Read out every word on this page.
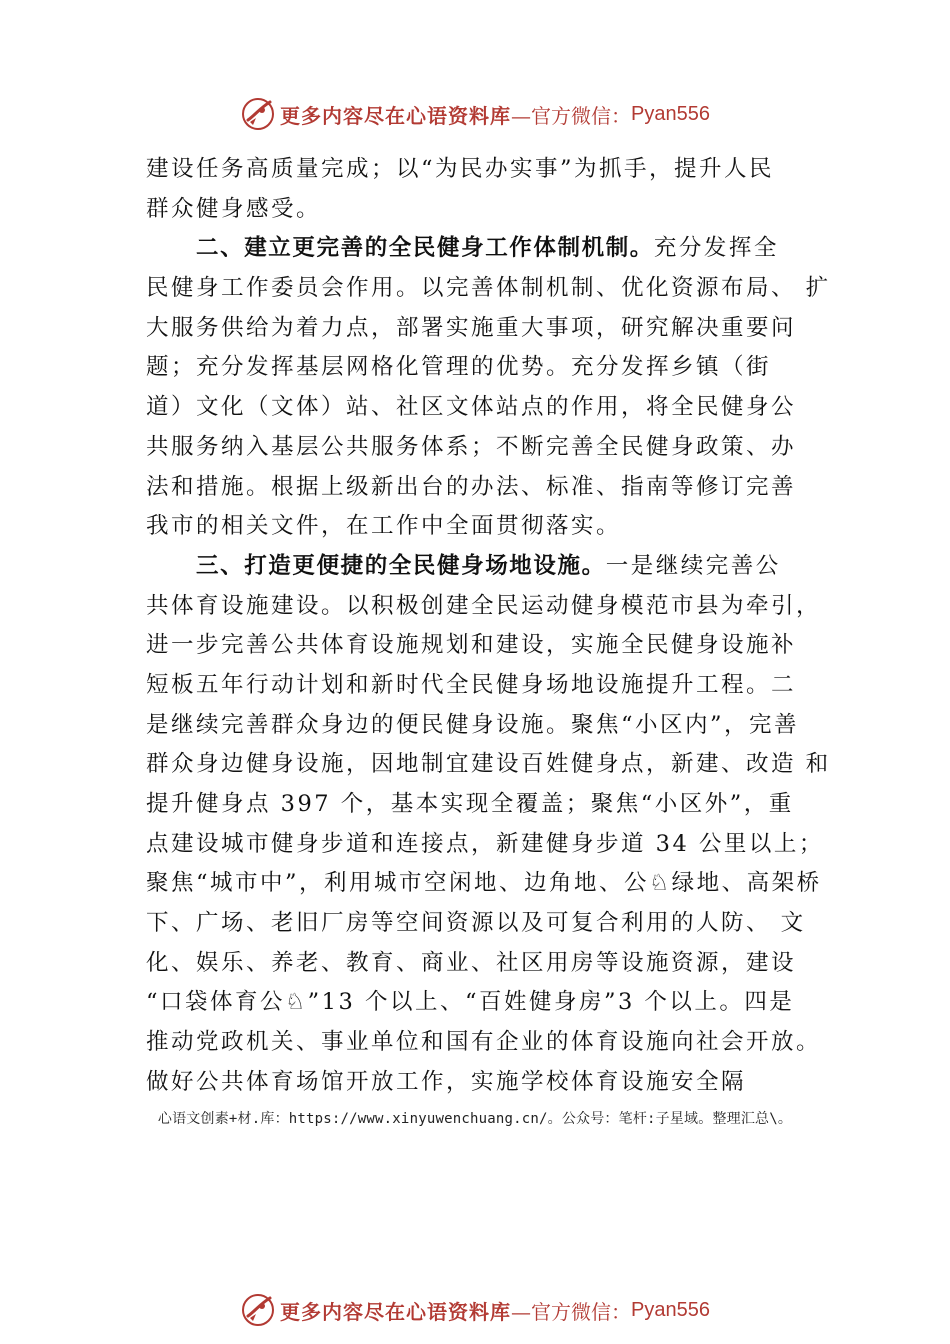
更多内容尽在心语资料库 —官方微信： Pyan556
建设任务高质量完成；以“为民办实事”为抓手，提升人民
群众健身感受。
二、建立更完善的全民健身工作体制机制。充分发挥全
民健身工作委员会作用。以完善体制机制、优化资源布局、 扩
大服务供给为着力点，部署实施重大事项，研究解决重要问
题；充分发挥基层网格化管理的优势。充分发挥乡镇（街
道）文化（文体）站、社区文体站点的作用，将全民健身公
共服务纳入基层公共服务体系；不断完善全民健身政策、办
法和措施。根据上级新出台的办法、标准、指南等修订完善
我市的相关文件，在工作中全面贯彻落实。
三、打造更便捷的全民健身场地设施。一是继续完善公
共体育设施建设。以积极创建全民运动健身模范市县为牵引，
进一步完善公共体育设施规划和建设，实施全民健身设施补
短板五年行动计划和新时代全民健身场地设施提升工程。二
是继续完善群众身边的便民健身设施。聚焦“小区内”，完善
群众身边健身设施，因地制宜建设百姓健身点，新建、改造 和
提升健身点 397 个，基本实现全覆盖；聚焦“小区外”，重
点建设城市健身步道和连接点，新建健身步道 34 公里以上；
聚焦“城市中”，利用城市空闲地、边角地、公♘绿地、高架桥
下、广场、老旧厂房等空间资源以及可复合利用的人防、 文
化、娱乐、养老、教育、商业、社区用房等设施资源，建设
“口袋体育公♘”13 个以上、“百姓健身房”3 个以上。四是
推动党政机关、事业单位和国有企业的体育设施向社会开放。
做好公共体育场馆开放工作，实施学校体育设施安全隔
心语文创素+材.库：https://www.xinyuwenchuang.cn/。公众号：笔杆:子星域。整理汇总\。
更多内容尽在心语资料库 —官方微信： Pyan556
